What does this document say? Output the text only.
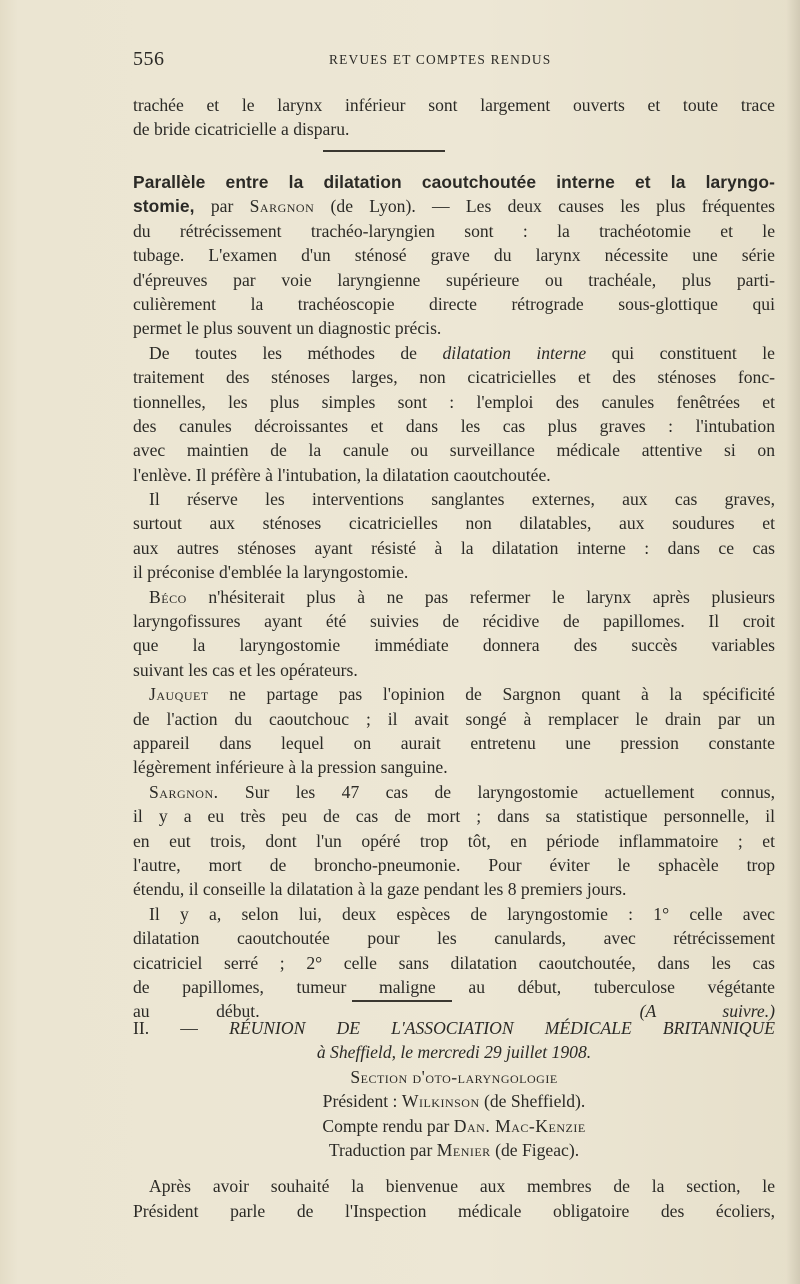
556	REVUES ET COMPTES RENDUS
trachée et le larynx inférieur sont largement ouverts et toute trace
de bride cicatricielle a disparu.
Parallèle entre la dilatation caoutchoutée interne et la laryngo-
stomie, par Sargnon (de Lyon). — Les deux causes les plus fréquentes
du rétrécissement trachéo-laryngien sont : la trachéotomie et le
tubage. L'examen d'un sténosé grave du larynx nécessite une série
d'épreuves par voie laryngienne supérieure ou trachéale, plus parti-
culièrement la trachéoscopie directe rétrograde sous-glottique qui
permet le plus souvent un diagnostic précis.
De toutes les méthodes de dilatation interne qui constituent le
traitement des sténoses larges, non cicatricielles et des sténoses fonc-
tionnelles, les plus simples sont : l'emploi des canules fenêtrées et
des canules décroissantes et dans les cas plus graves : l'intubation
avec maintien de la canule ou surveillance médicale attentive si on
l'enlève. Il préfère à l'intubation, la dilatation caoutchoutée.
Il réserve les interventions sanglantes externes, aux cas graves,
surtout aux sténoses cicatricielles non dilatables, aux soudures et
aux autres sténoses ayant résisté à la dilatation interne : dans ce cas
il préconise d'emblée la laryngostomie.
Béco n'hésiterait plus à ne pas refermer le larynx après plusieurs
laryngofissures ayant été suivies de récidive de papillomes. Il croit
que la laryngostomie immédiate donnera des succès variables
suivant les cas et les opérateurs.
Jauquet ne partage pas l'opinion de Sargnon quant à la spécificité
de l'action du caoutchouc ; il avait songé à remplacer le drain par un
appareil dans lequel on aurait entretenu une pression constante
légèrement inférieure à la pression sanguine.
Sargnon. Sur les 47 cas de laryngostomie actuellement connus,
il y a eu très peu de cas de mort ; dans sa statistique personnelle, il
en eut trois, dont l'un opéré trop tôt, en période inflammatoire ; et
l'autre, mort de broncho-pneumonie. Pour éviter le sphacèle trop
étendu, il conseille la dilatation à la gaze pendant les 8 premiers jours.
Il y a, selon lui, deux espèces de laryngostomie : 1° celle avec
dilatation caoutchoutée pour les canulards, avec rétrécissement
cicatriciel serré ; 2° celle sans dilatation caoutchoutée, dans les cas
de papillomes, tumeur maligne au début, tuberculose végétante
au début.	(A suivre.)
II. — RÉUNION DE L'ASSOCIATION MÉDICALE BRITANNIQUE
à Sheffield, le mercredi 29 juillet 1908.
Section d'oto-laryngologie
Président : Wilkinson (de Sheffield).
Compte rendu par Dan. Mac-Kenzie
Traduction par Menier (de Figeac).
Après avoir souhaité la bienvenue aux membres de la section, le
Président parle de l'Inspection médicale obligatoire des écoliers,
